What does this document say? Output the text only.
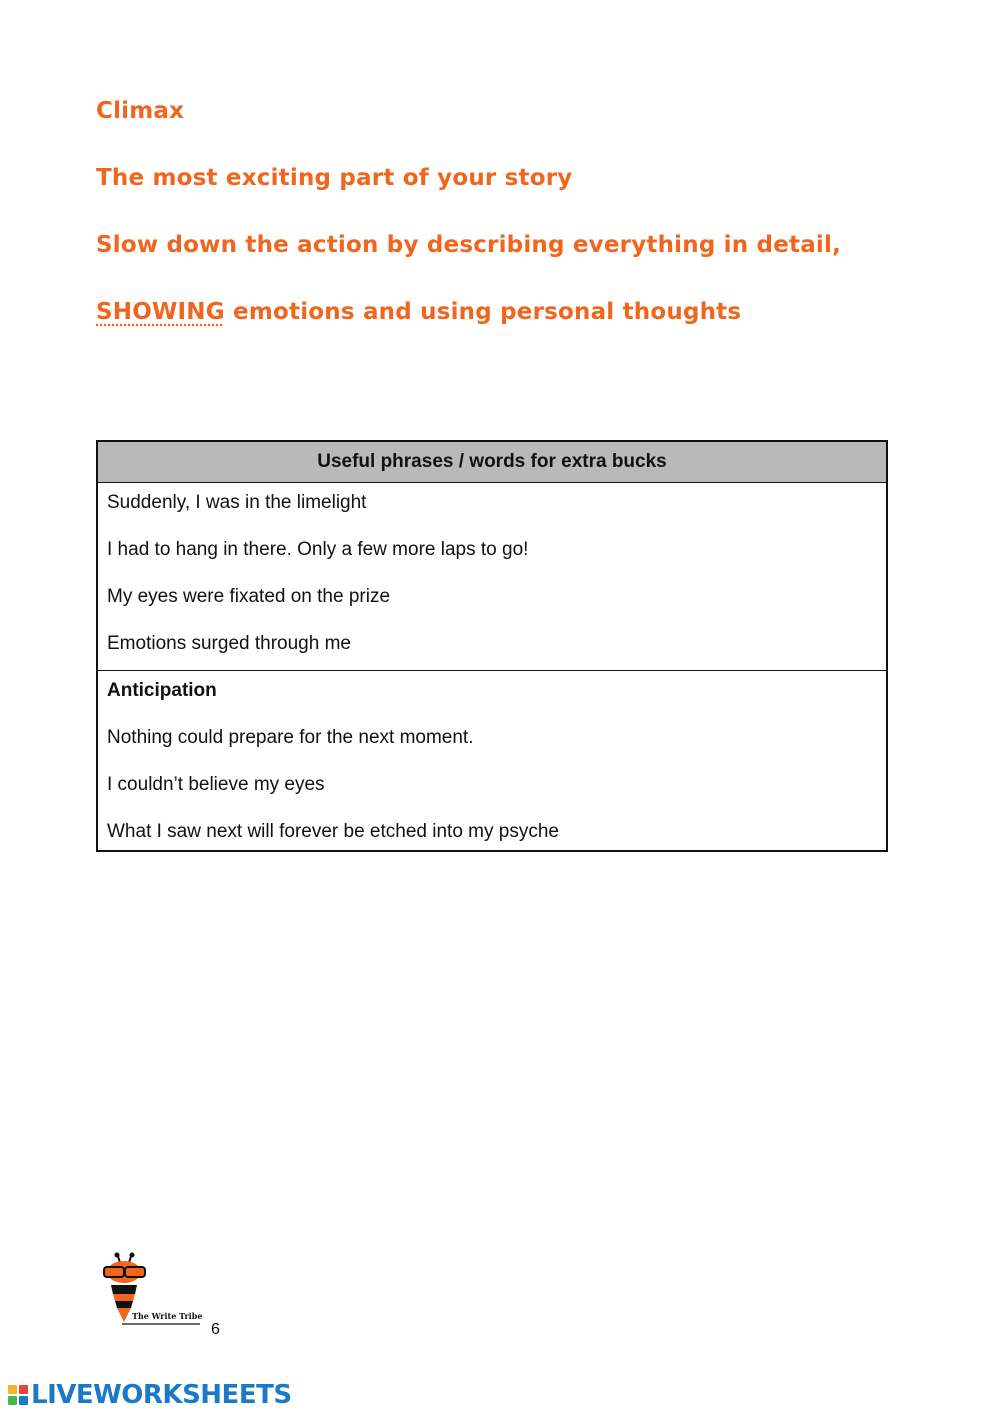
Climax
The most exciting part of your story
Slow down the action by describing everything in detail,
SHOWING emotions and using personal thoughts
Useful phrases / words for extra bucks
Suddenly, I was in the limelight
I had to hang in there. Only a few more laps to go!
My eyes were fixated on the prize
Emotions surged through me
Anticipation
Nothing could prepare for the next moment.
I couldn’t believe my eyes
What I saw next will forever be etched into my psyche
The Write Tribe
6
LIVEWORKSHEETS
